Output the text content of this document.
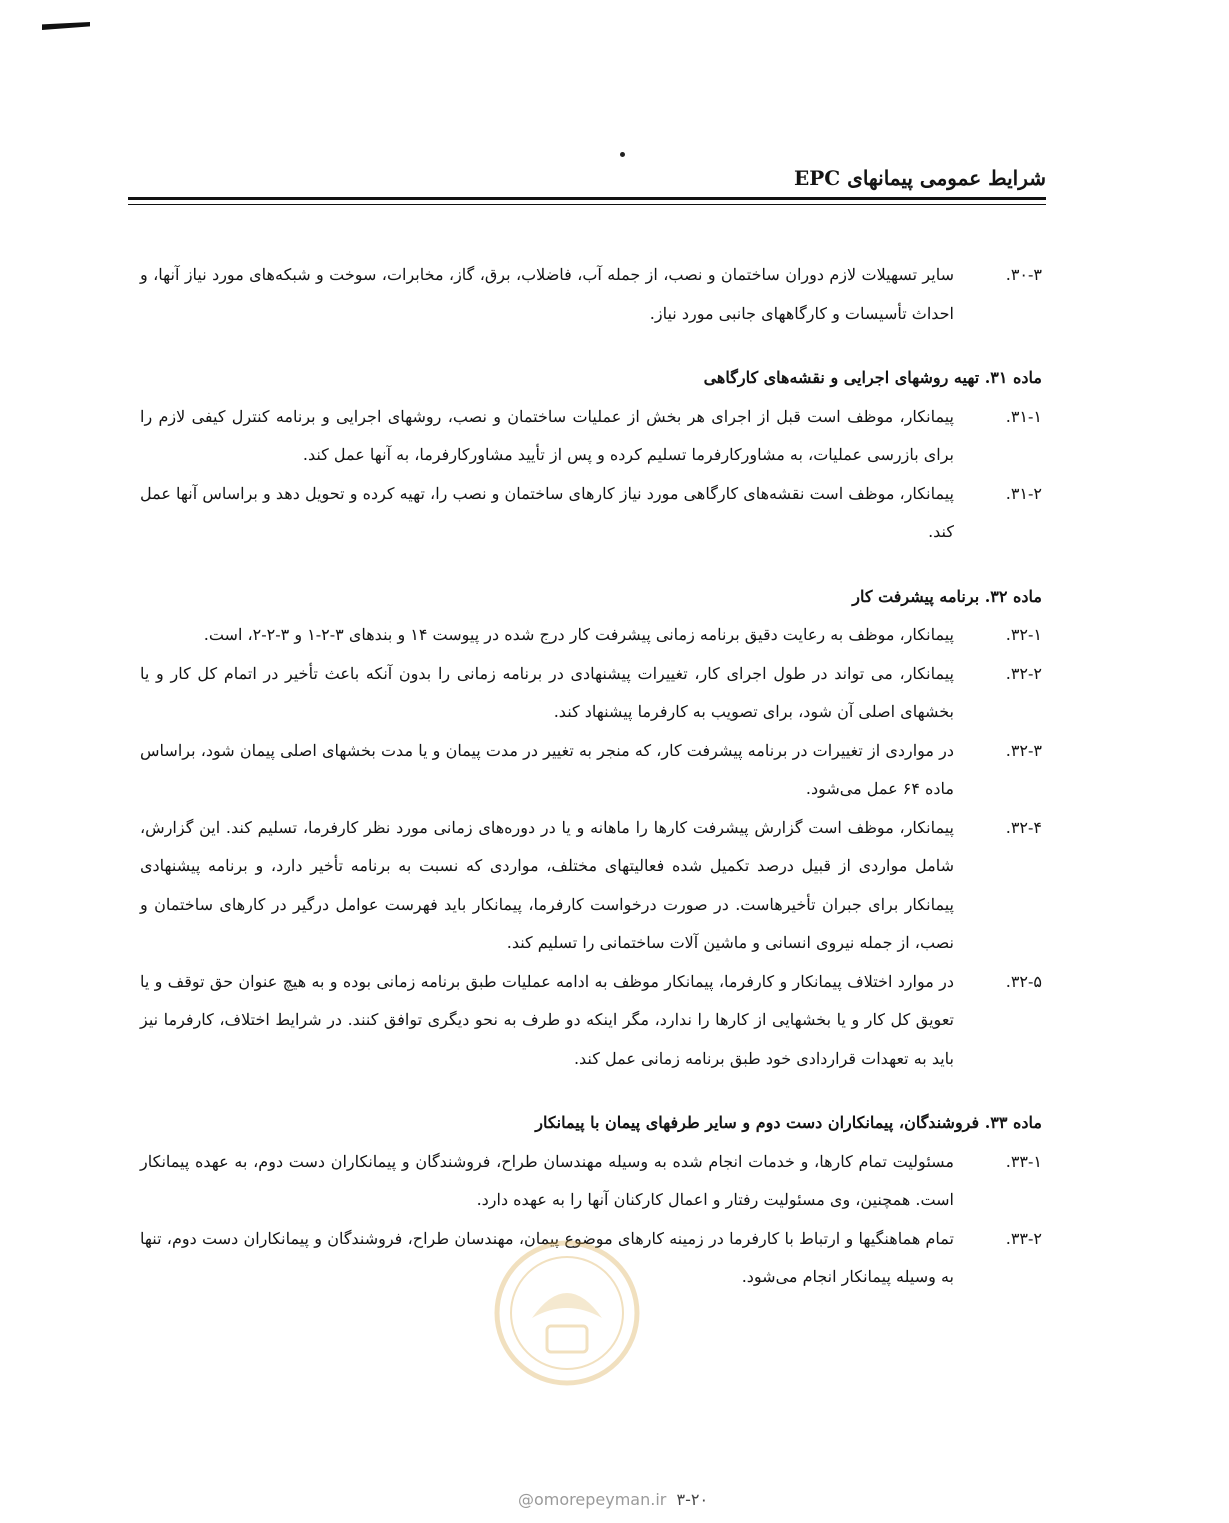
شرایط عمومی پیمانهای EPC

۳۰-۳.سایر تسهیلات لازم دوران ساختمان و نصب، از جمله آب، فاضلاب، برق، گاز، مخابرات، سوخت و شبکه‌های مورد نیاز آنها، و احداث تأسیسات و کارگاههای جانبی مورد نیاز.

ماده ۳۱. تهیه روشهای اجرایی و نقشه‌های کارگاهی

۳۱-۱.پیمانکار، موظف است قبل از اجرای هر بخش از عملیات ساختمان و نصب، روشهای اجرایی و برنامه کنترل کیفی لازم را برای بازرسی عملیات، به مشاورکارفرما تسلیم کرده و پس از تأیید مشاورکارفرما، به آنها عمل کند.

۳۱-۲.پیمانکار، موظف است نقشه‌های کارگاهی مورد نیاز کارهای ساختمان و نصب را، تهیه کرده و تحویل دهد و براساس آنها عمل کند.

ماده ۳۲. برنامه پیشرفت کار

۳۲-۱.پیمانکار، موظف به رعایت دقیق برنامه زمانی پیشرفت کار درج شده در پیوست ۱۴ و بندهای ۳-۲-۱ و ۳-۲-۲، است.

۳۲-۲.پیمانکار، می تواند در طول اجرای کار، تغییرات پیشنهادی در برنامه زمانی را بدون آنکه باعث تأخیر در اتمام کل کار و یا بخشهای اصلی آن شود، برای تصویب به کارفرما پیشنهاد کند.

۳۲-۳.در مواردی از تغییرات در برنامه پیشرفت کار، که منجر به تغییر در مدت پیمان و یا مدت بخشهای اصلی پیمان شود، براساس ماده ۶۴ عمل می‌شود.

۳۲-۴.پیمانکار، موظف است گزارش پیشرفت کارها را ماهانه و یا در دوره‌های زمانی مورد نظر کارفرما، تسلیم کند. این گزارش، شامل مواردی از قبیل درصد تکمیل شده فعالیتهای مختلف، مواردی که نسبت به برنامه تأخیر دارد، و برنامه پیشنهادی پیمانکار برای جبران تأخیرهاست. در صورت درخواست کارفرما، پیمانکار باید فهرست عوامل درگیر در کارهای ساختمان و نصب، از جمله نیروی انسانی و ماشین آلات ساختمانی را تسلیم کند.

۳۲-۵.در موارد اختلاف پیمانکار و کارفرما، پیمانکار موظف به ادامه عملیات طبق برنامه زمانی بوده و به هیچ عنوان حق توقف و یا تعویق کل کار و یا بخشهایی از کارها را ندارد، مگر اینکه دو طرف به نحو دیگری توافق کنند. در شرایط اختلاف، کارفرما نیز باید به تعهدات قراردادی خود طبق برنامه زمانی عمل کند.

ماده ۳۳. فروشندگان، پیمانکاران دست دوم و سایر طرفهای پیمان با پیمانکار

۳۳-۱.مسئولیت تمام کارها، و خدمات انجام شده به وسیله مهندسان طراح، فروشندگان و پیمانکاران دست دوم، به عهده پیمانکار است. همچنین، وی مسئولیت رفتار و اعمال کارکنان آنها را به عهده دارد.

۳۳-۲.تمام هماهنگیها و ارتباط با کارفرما در زمینه کارهای موضوع پیمان، مهندسان طراح، فروشندگان و پیمانکاران دست دوم، تنها به وسیله پیمانکار انجام می‌شود.

@omorepeyman.ir ۳-۲۰
